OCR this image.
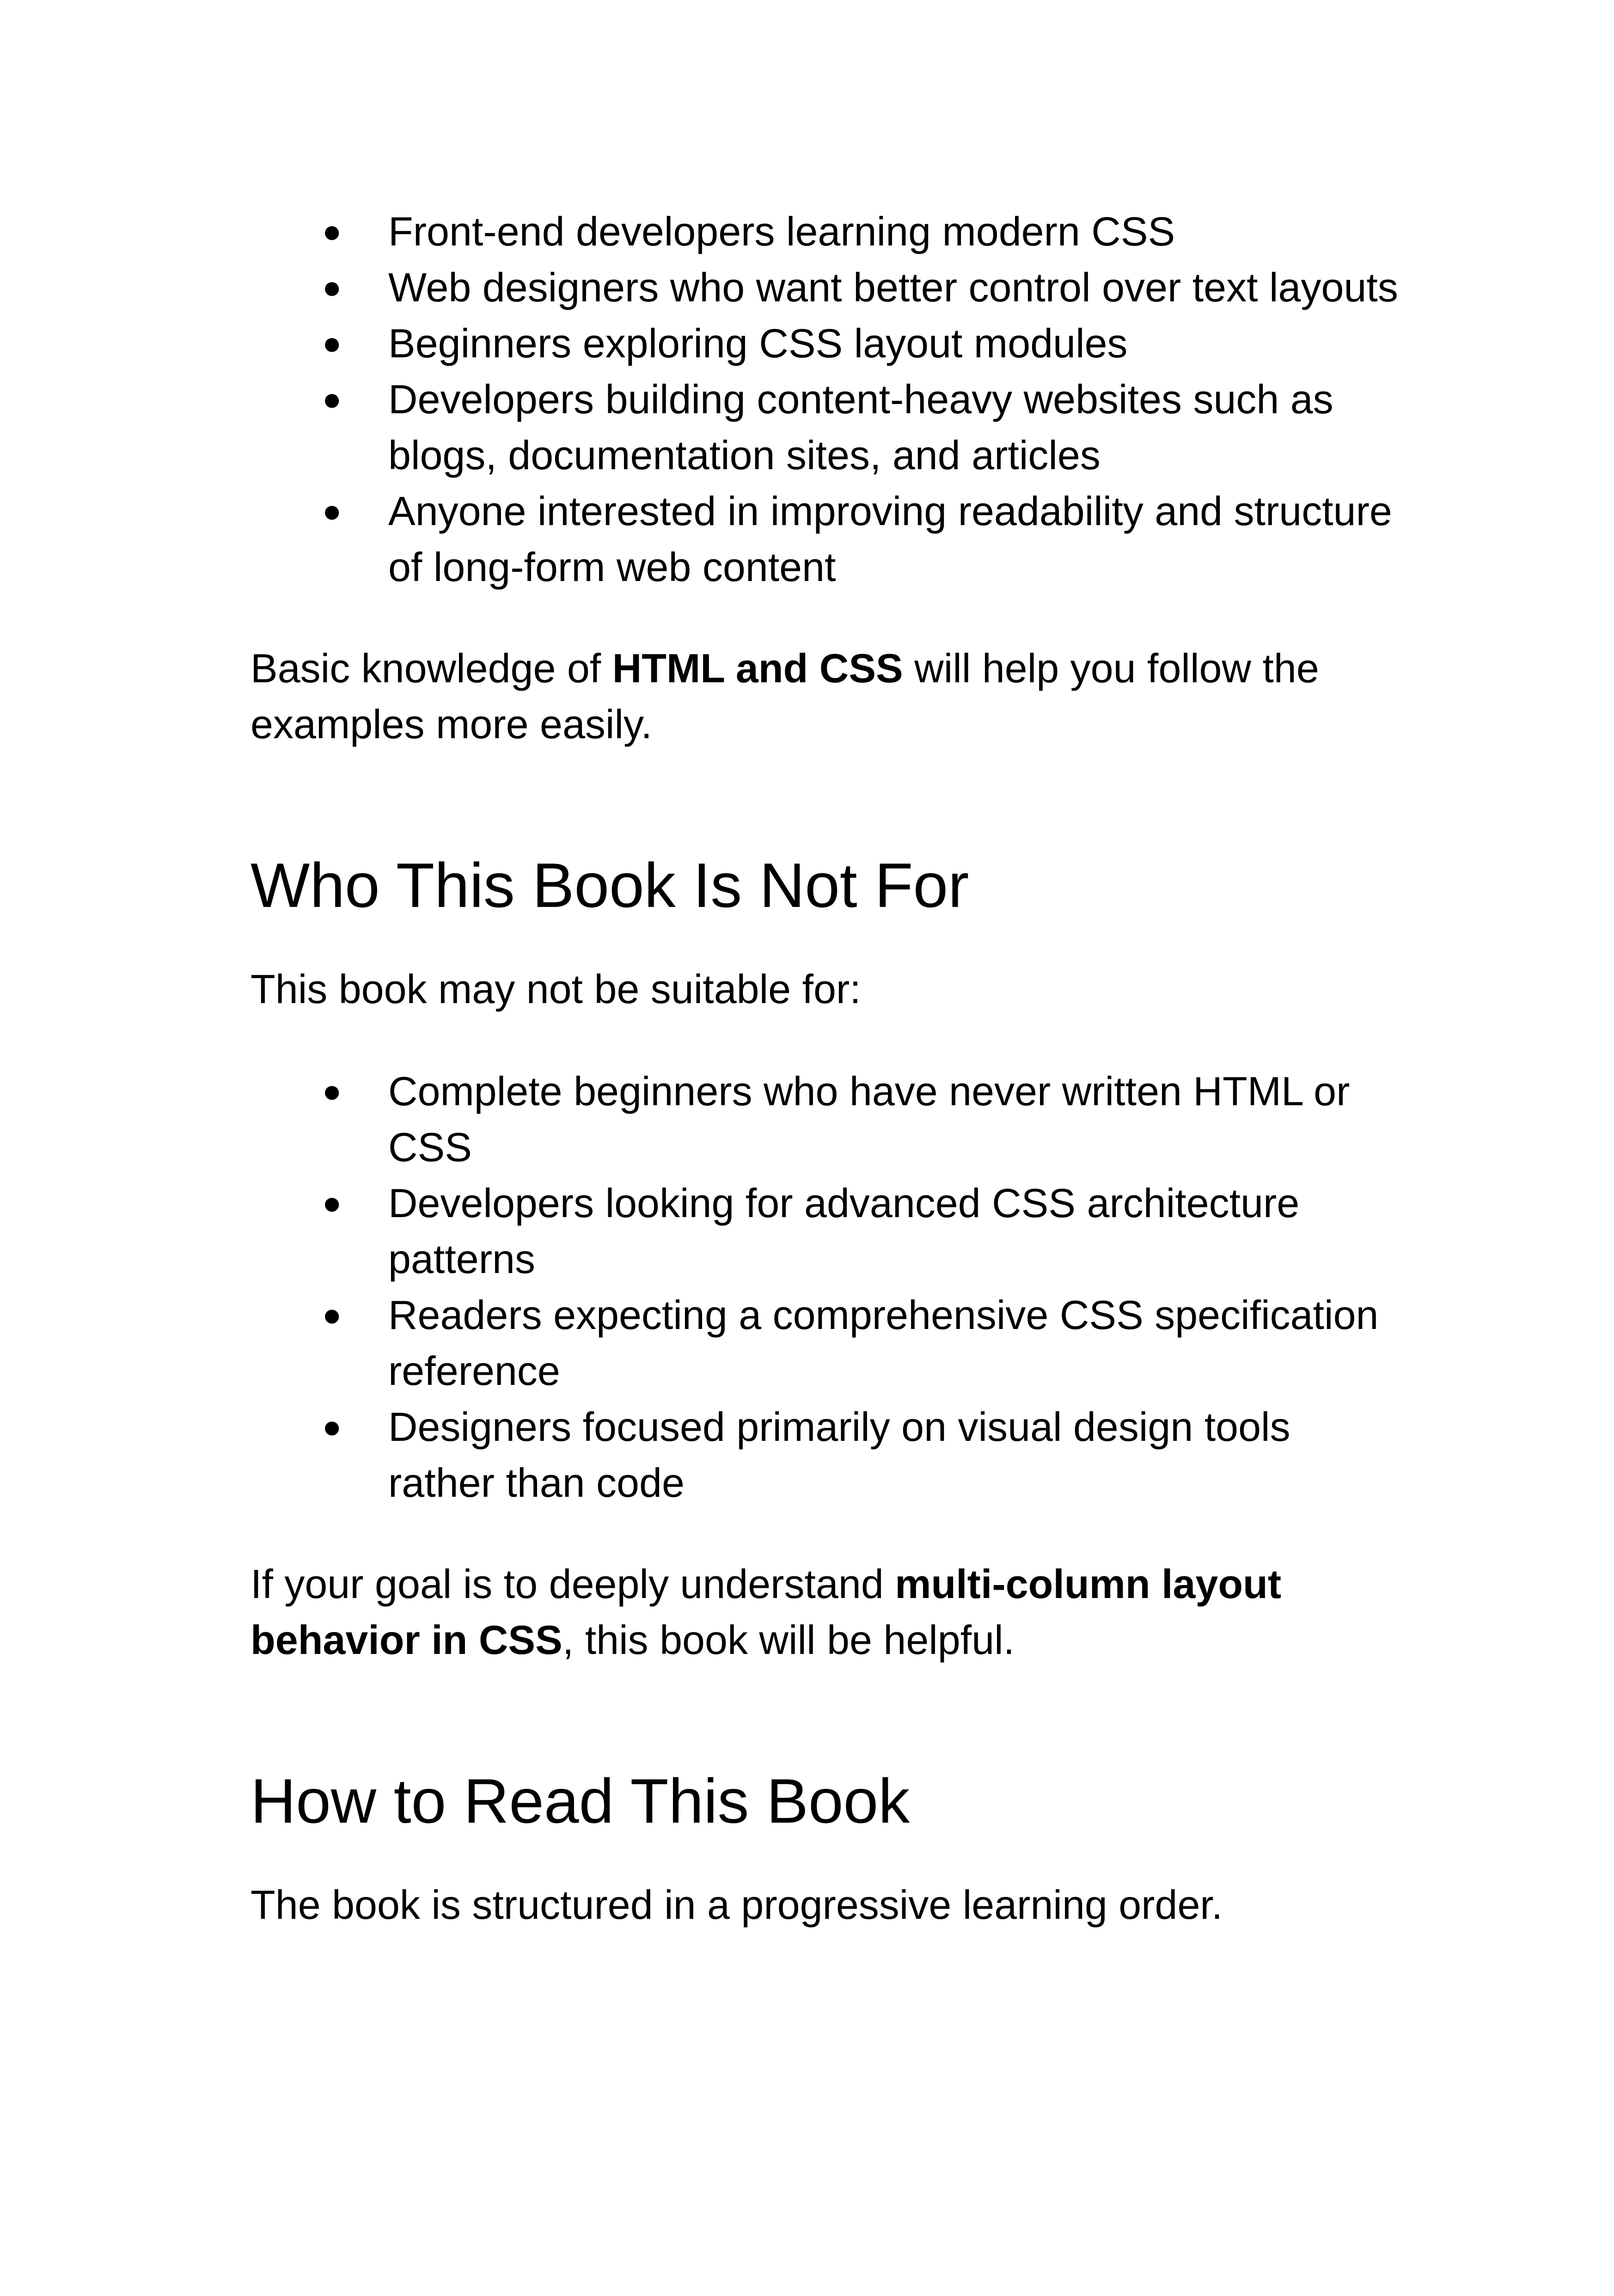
● Front-end developers learning modern CSS
● Web designers who want better control over text layouts
● Beginners exploring CSS layout modules
● Developers building content-heavy websites such as blogs, documentation sites, and articles
● Anyone interested in improving readability and structure of long-form web content

Basic knowledge of HTML and CSS will help you follow the examples more easily.

Who This Book Is Not For

This book may not be suitable for:

● Complete beginners who have never written HTML or CSS
● Developers looking for advanced CSS architecture patterns
● Readers expecting a comprehensive CSS specification reference
● Designers focused primarily on visual design tools rather than code

If your goal is to deeply understand multi-column layout behavior in CSS, this book will be helpful.

How to Read This Book

The book is structured in a progressive learning order.
